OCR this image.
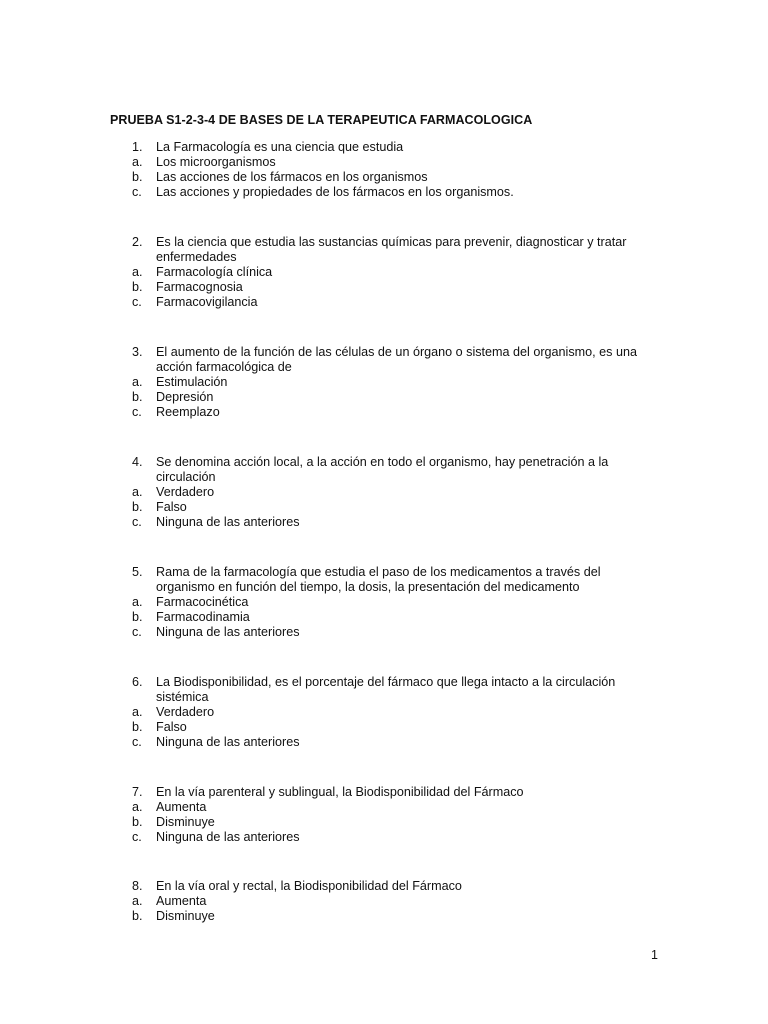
PRUEBA S1-2-3-4 DE BASES DE LA TERAPEUTICA FARMACOLOGICA
1. La Farmacología es una ciencia que estudia
a. Los microorganismos
b. Las acciones de los fármacos en los organismos
c. Las acciones y propiedades de los fármacos en los organismos.
2. Es la ciencia que estudia las sustancias químicas para prevenir, diagnosticar y tratar enfermedades
a. Farmacología clínica
b. Farmacognosia
c. Farmacovigilancia
3. El aumento de la función de las células de un órgano o sistema del organismo, es una acción farmacológica de
a. Estimulación
b. Depresión
c. Reemplazo
4. Se denomina acción local, a la acción en todo el organismo, hay penetración a la circulación
a. Verdadero
b. Falso
c. Ninguna de las anteriores
5. Rama de la farmacología que estudia el paso de los medicamentos a través del organismo en función del tiempo, la dosis, la presentación del medicamento
a. Farmacocinética
b. Farmacodinamia
c. Ninguna de las anteriores
6. La Biodisponibilidad, es el porcentaje del fármaco que llega intacto a la circulación sistémica
a. Verdadero
b. Falso
c. Ninguna de las anteriores
7. En la vía parenteral y sublingual, la Biodisponibilidad del Fármaco
a. Aumenta
b. Disminuye
c. Ninguna de las anteriores
8. En la vía oral y rectal, la Biodisponibilidad del Fármaco
a. Aumenta
b. Disminuye
1
